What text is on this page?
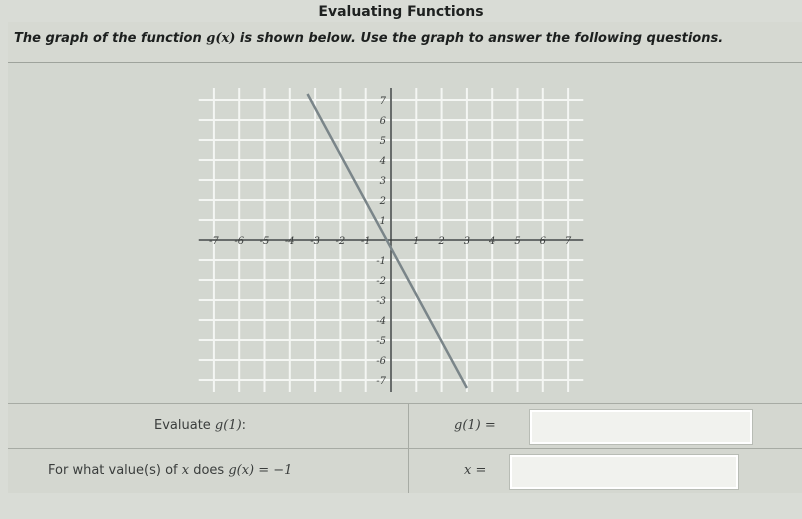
Evaluating Functions
The graph of the function g(x) is shown below. Use the graph to answer the following questions.
-7 -6 -5 -4 -3 -2 -1	1 2 3 4 5 6 7
7
6
5
4
3
2
1
-1
-2
-3
-4
-5
-6
-7
Evaluate g(1):	g(1) =
For what value(s) of x does g(x) = −1	x =
